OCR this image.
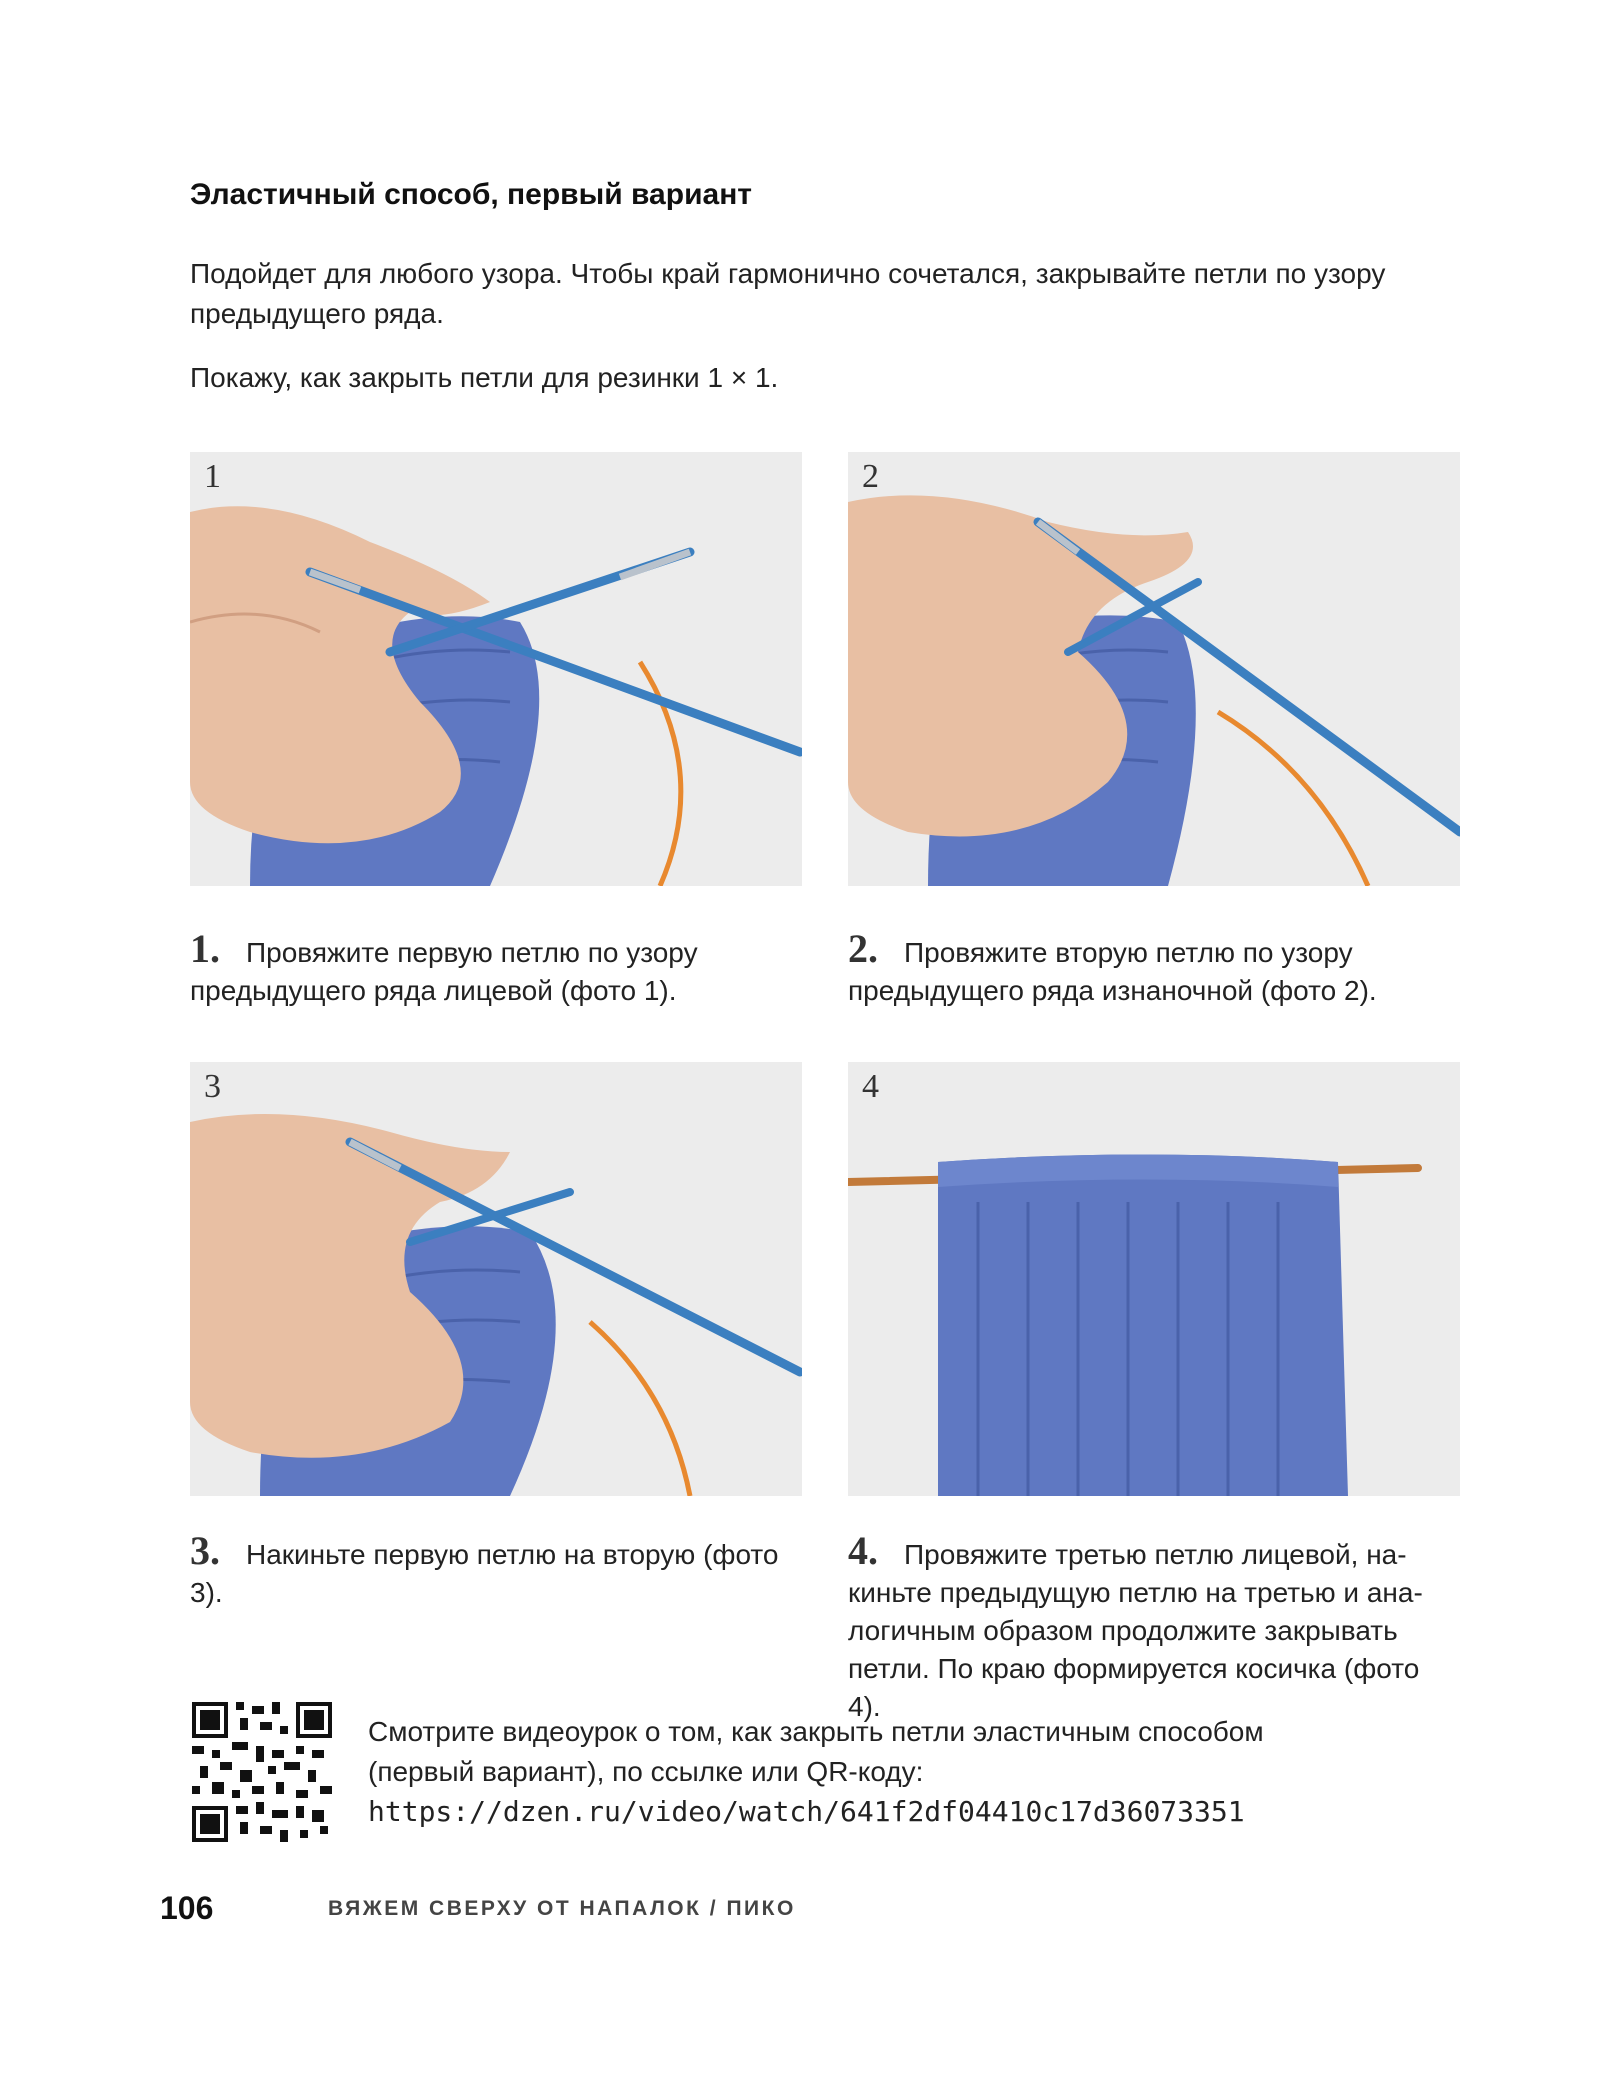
Эластичный способ, первый вариант
Подойдет для любого узора. Чтобы край гармонично сочетался, закрывайте петли по узору предыдущего ряда.
Покажу, как закрыть петли для резинки 1 × 1.
1	2
3	4
1. Провяжите первую петлю по узору предыдущего ряда лицевой (фото 1).
2. Провяжите вторую петлю по узору предыдущего ряда изнаночной (фото 2).
3. Накиньте первую петлю на вторую (фото 3).
4. Провяжите третью петлю лицевой, на-киньте предыдущую петлю на третью и ана-логичным образом продолжите закрывать петли. По краю формируется косичка (фото 4).
Смотрите видеоурок о том, как закрыть петли эластичным способом (первый вариант), по ссылке или QR-коду: https://dzen.ru/video/watch/641f2df04410c17d36073351
106	ВЯЖЕМ СВЕРХУ ОТ НАПАЛОК / ПИКО
